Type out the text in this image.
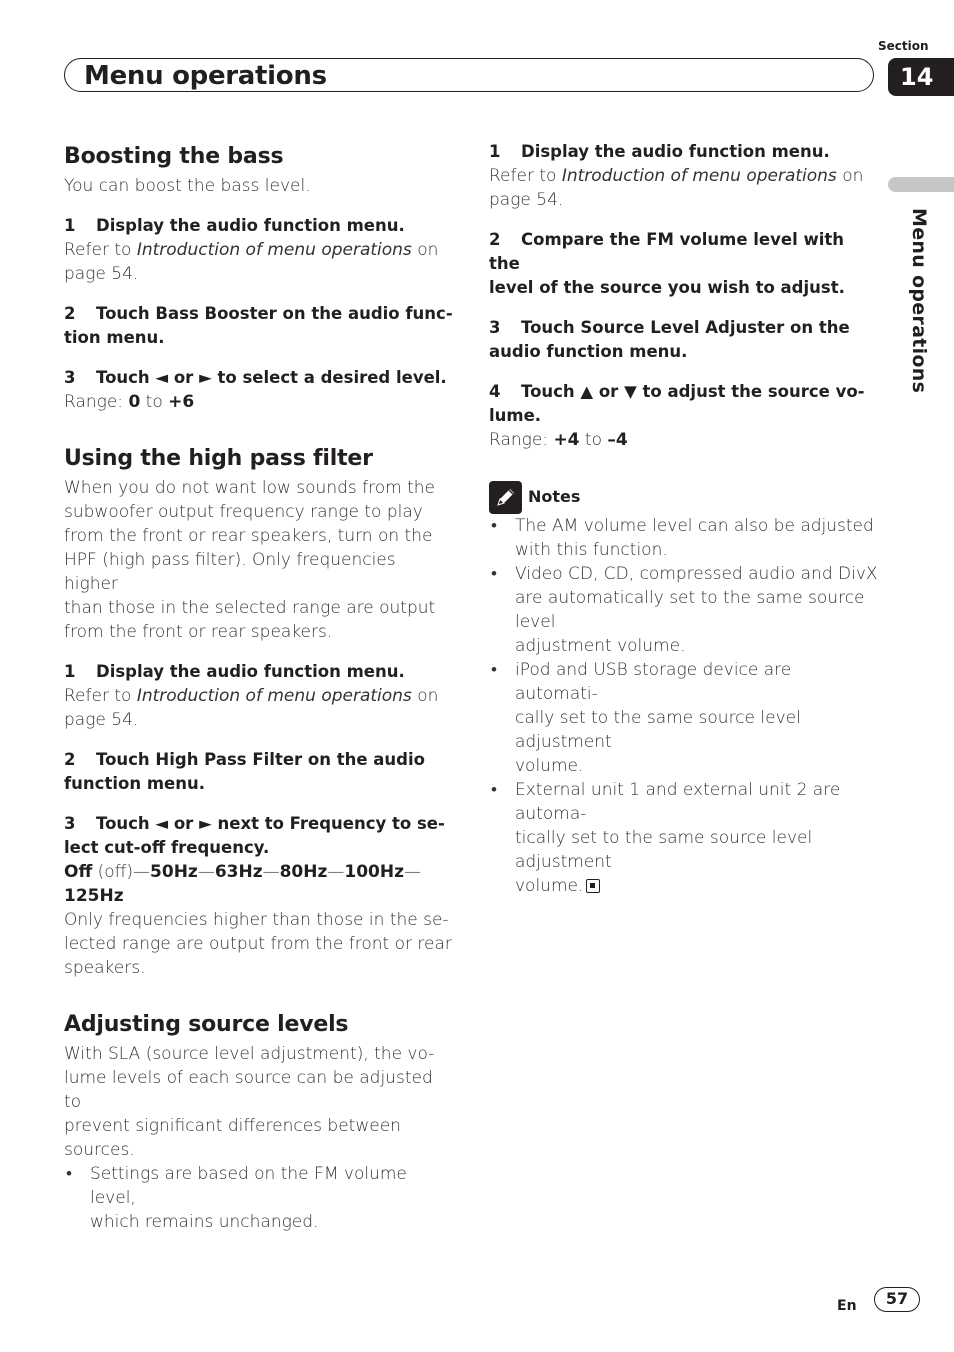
Menu operations
Section
14
Menu operations
Boosting the bass

You can boost the bass level.

1 Display the audio function menu.

Refer to Introduction of menu operations on

page 54.

2 Touch Bass Booster on the audio func-

tion menu.

3 Touch ◄ or ► to select a desired level.

Range: 0 to +6

Using the high pass filter

When you do not want low sounds from the

subwoofer output frequency range to play

from the front or rear speakers, turn on the

HPF (high pass filter). Only frequencies higher

than those in the selected range are output

from the front or rear speakers.

1 Display the audio function menu.

Refer to Introduction of menu operations on

page 54.

2 Touch High Pass Filter on the audio

function menu.

3 Touch ◄ or ► next to Frequency to se-

lect cut-off frequency.

Off (off)—50Hz—63Hz—80Hz—100Hz—

125Hz

Only frequencies higher than those in the se-

lected range are output from the front or rear

speakers.

Adjusting source levels

With SLA (source level adjustment), the vo-

lume levels of each source can be adjusted to

prevent significant differences between

sources.

• Settings are based on the FM volume level,
which remains unchanged.

1 Display the audio function menu.

Refer to Introduction of menu operations on

page 54.

2 Compare the FM volume level with the

level of the source you wish to adjust.

3 Touch Source Level Adjuster on the

audio function menu.

4 Touch ▲ or ▼ to adjust the source vo-

lume.

Range: +4 to –4

Notes
• The AM volume level can also be adjusted
with this function.
• Video CD, CD, compressed audio and DivX
are automatically set to the same source level
adjustment volume.
• iPod and USB storage device are automati-
cally set to the same source level adjustment
volume.
• External unit 1 and external unit 2 are automa-
tically set to the same source level adjustment
volume.
En	57
